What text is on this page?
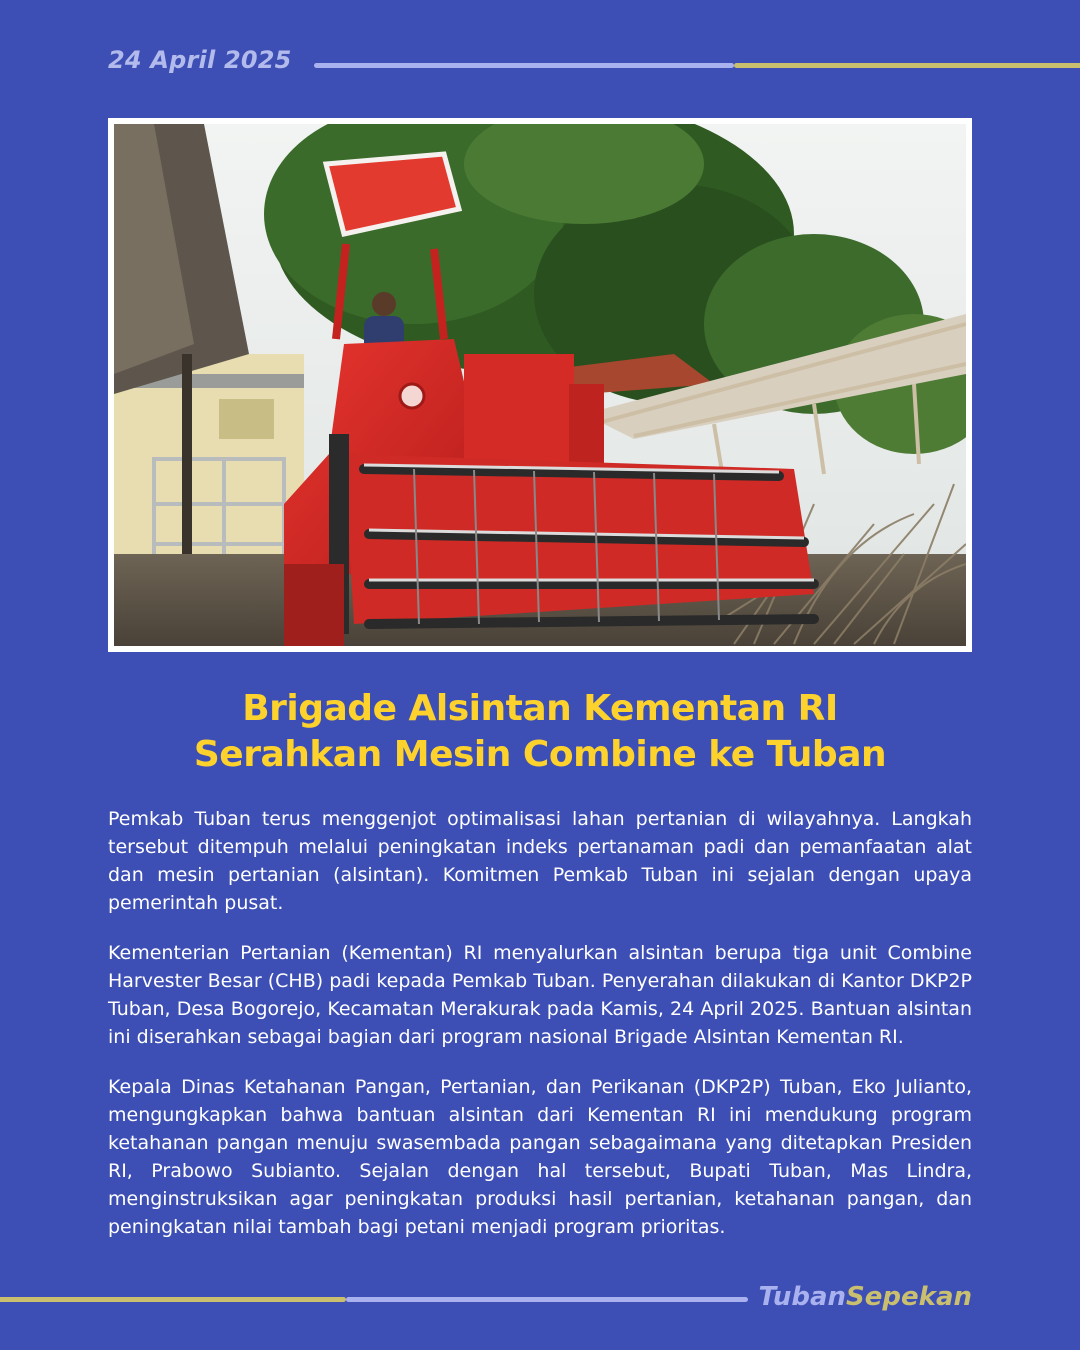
24 April 2025
Brigade Alsintan Kementan RI
Serahkan Mesin Combine ke Tuban

Pemkab Tuban terus menggenjot optimalisasi lahan pertanian di wilayahnya. Langkah tersebut ditempuh melalui peningkatan indeks pertanaman padi dan pemanfaatan alat dan mesin pertanian (alsintan). Komitmen Pemkab Tuban ini sejalan dengan upaya pemerintah pusat.

Kementerian Pertanian (Kementan) RI menyalurkan alsintan berupa tiga unit Combine Harvester Besar (CHB) padi kepada Pemkab Tuban. Penyerahan dilakukan di Kantor DKP2P Tuban, Desa Bogorejo, Kecamatan Merakurak pada Kamis, 24 April 2025. Bantuan alsintan ini diserahkan sebagai bagian dari program nasional Brigade Alsintan Kementan RI.

Kepala Dinas Ketahanan Pangan, Pertanian, dan Perikanan (DKP2P) Tuban, Eko Julianto, mengungkapkan bahwa bantuan alsintan dari Kementan RI ini mendukung program ketahanan pangan menuju swasembada pangan sebagaimana yang ditetapkan Presiden RI, Prabowo Subianto. Sejalan dengan hal tersebut, Bupati Tuban, Mas Lindra, menginstruksikan agar peningkatan produksi hasil pertanian, ketahanan pangan, dan peningkatan nilai tambah bagi petani menjadi program prioritas.

TubanSepekan
